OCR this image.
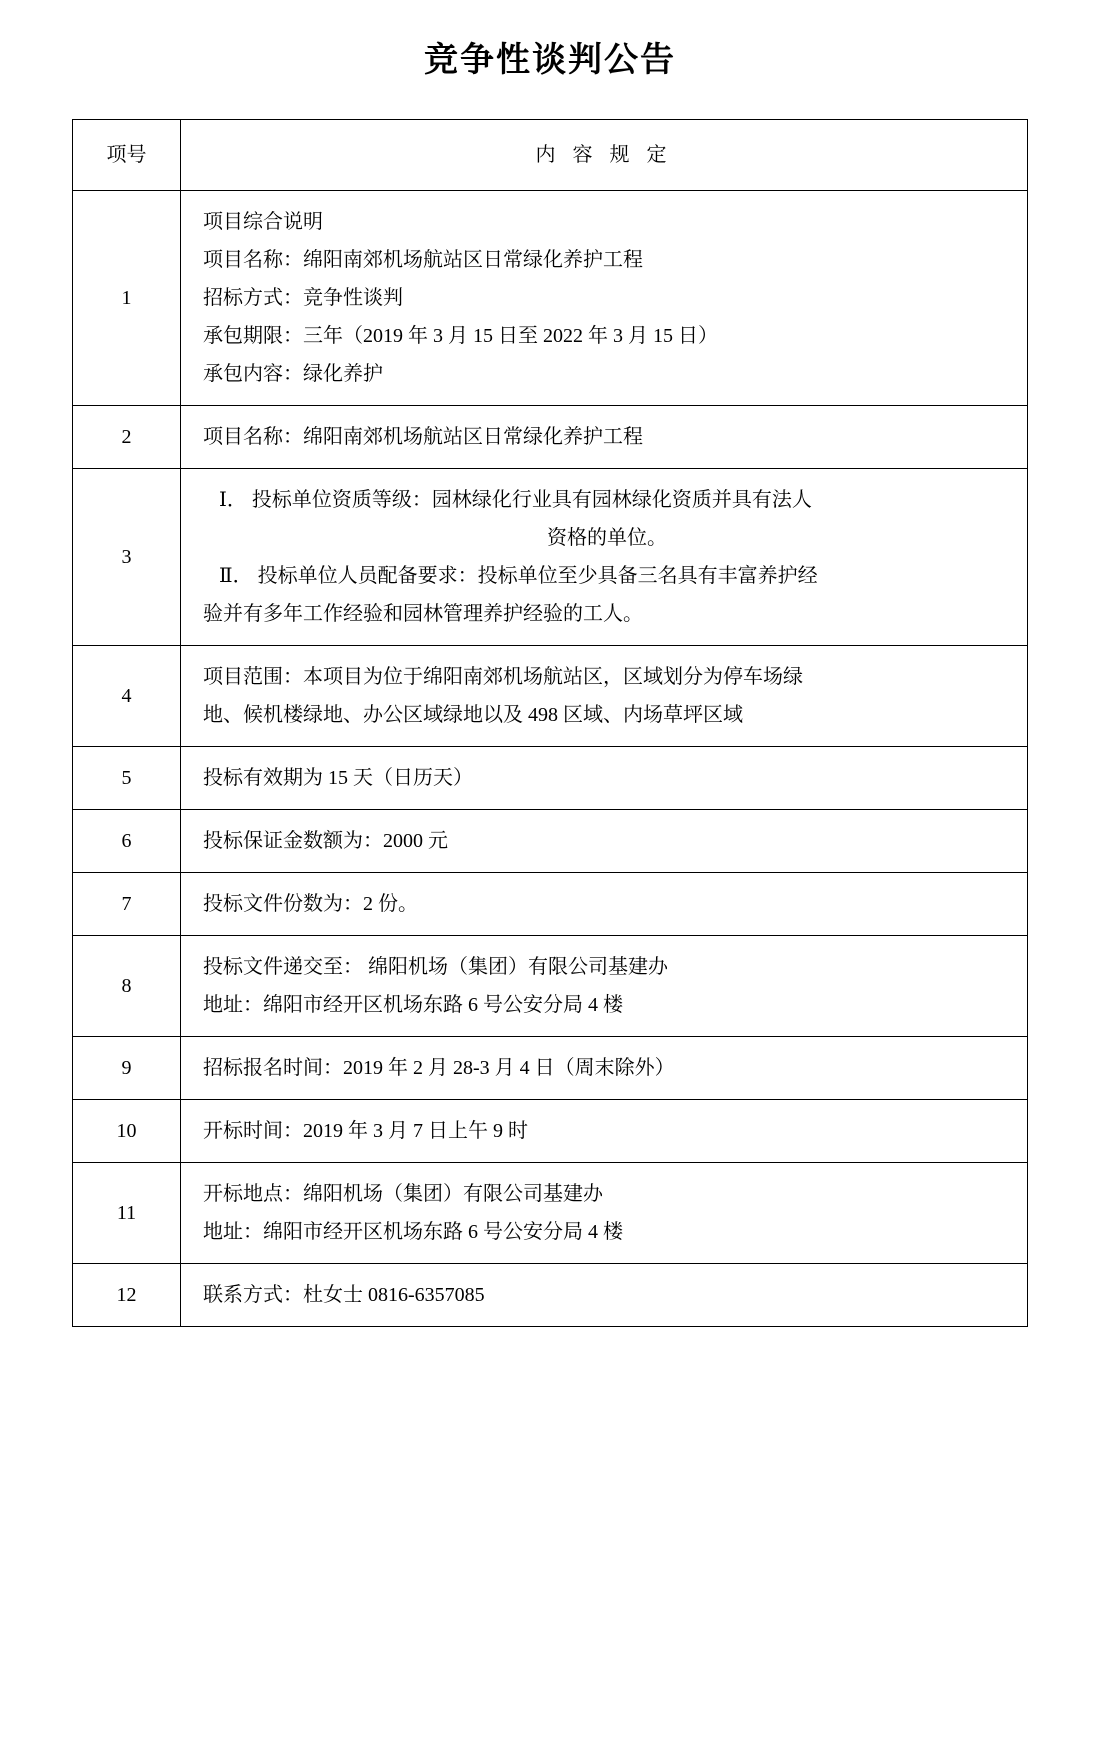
竞争性谈判公告
项号	内 容 规 定
1	项目综合说明
项目名称：绵阳南郊机场航站区日常绿化养护工程
招标方式：竞争性谈判
承包期限：三年（2019 年 3 月 15 日至 2022 年 3 月 15 日）
承包内容：绿化养护

2	项目名称：绵阳南郊机场航站区日常绿化养护工程

3	Ⅰ． 投标单位资质等级：园林绿化行业具有园林绿化资质并具有法人
资格的单位。
Ⅱ． 投标单位人员配备要求：投标单位至少具备三名具有丰富养护经
验并有多年工作经验和园林管理养护经验的工人。

4	项目范围：本项目为位于绵阳南郊机场航站区，区域划分为停车场绿
地、候机楼绿地、办公区域绿地以及 498 区域、内场草坪区域

5	投标有效期为 15 天（日历天）

6	投标保证金数额为：2000 元

7	投标文件份数为：2 份。

8	投标文件递交至： 绵阳机场（集团）有限公司基建办
地址：绵阳市经开区机场东路 6 号公安分局 4 楼

9	招标报名时间：2019 年 2 月 28-3 月 4 日（周末除外）

10	开标时间：2019 年 3 月 7 日上午 9 时

11	开标地点：绵阳机场（集团）有限公司基建办
地址：绵阳市经开区机场东路 6 号公安分局 4 楼

12	联系方式：杜女士 0816-6357085
